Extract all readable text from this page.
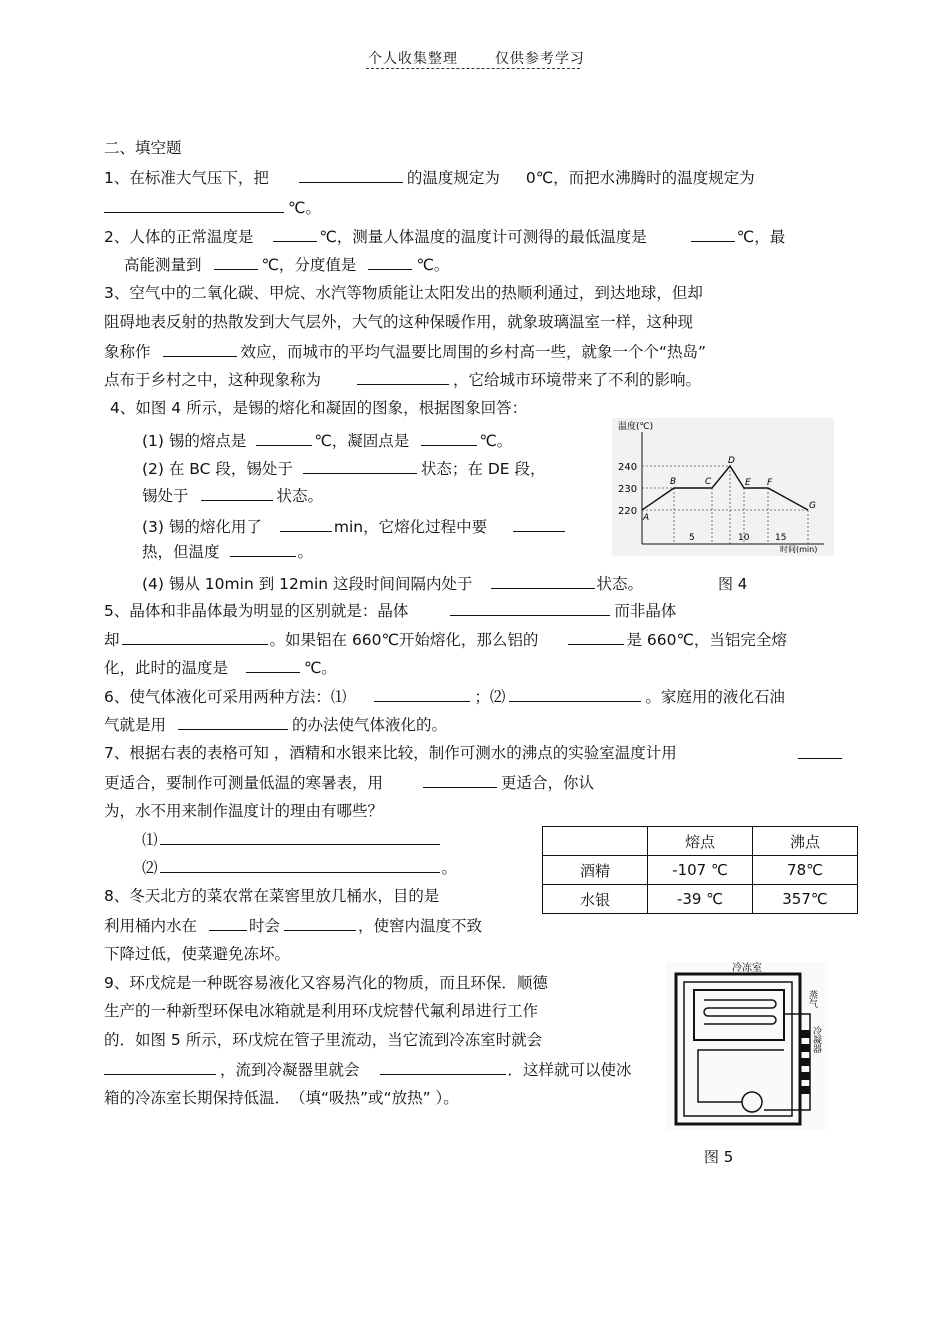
个人收集整理	仅供参考学习
二、填空题
1、在标准大气压下，把	的温度规定为 0℃，而把水沸腾时的温度规定为
℃。
2、人体的正常温度是	℃，测量人体温度的温度计可测得的最低温度是	℃，最
高能测量到	℃，分度值是	℃。
3、空气中的二氧化碳、甲烷、水汽等物质能让太阳发出的热顺利通过，到达地球，但却
阻碍地表反射的热散发到大气层外，大气的这种保暖作用，就象玻璃温室一样，这种现
象称作	效应，而城市的平均气温要比周围的乡村高一些，就象一个个“热岛”
点布于乡村之中，这种现象称为	，它给城市环境带来了不利的影响。
4、如图 4 所示，是锡的熔化和凝固的图象，根据图象回答：
(1) 锡的熔点是	℃，凝固点是	℃。
(2) 在 BC 段，锡处于	状态；在 DE 段，
锡处于	状态。
(3) 锡的熔化用了	min，它熔化过程中要
热，但温度	。
(4) 锡从 10min 到 12min 这段时间间隔内处于	状态。	图 4
温度(℃)
240
230
220
A
B	C
D
E F
G
5	10	15
时间(min)
5、晶体和非晶体最为明显的区别就是：晶体	而非晶体
却	。如果铝在 660℃开始熔化，那么铝的	是 660℃，当铝完全熔
化，此时的温度是	℃。
6、使气体液化可采用两种方法：⑴	；⑵	。家庭用的液化石油
气就是用	的办法使气体液化的。
7、根据右表的表格可知 ，酒精和水银来比较，制作可测水的沸点的实验室温度计用
更适合，要制作可测量低温的寒暑表，用	更适合，你认
为，水不用来制作温度计的理由有哪些？
⑴
⑵	。
	熔点	沸点
酒精	-107 ℃	78℃
水银	-39 ℃	357℃
8、冬天北方的菜农常在菜窖里放几桶水，目的是
利用桶内水在	时会	，使窖内温度不致
下降过低，使菜避免冻坏。
9、环戊烷是一种既容易液化又容易汽化的物质，而且环保．顺德
生产的一种新型环保电冰箱就是利用环戊烷替代氟利昂进行工作
的．如图 5 所示，环戊烷在管子里流动，当它流到冷冻室时就会
，流到冷凝器里就会	．这样就可以使冰
箱的冷冻室长期保持低温．　（填“吸热”或“放热” ）。
冷冻室
蒸气
冷凝器
图 5
